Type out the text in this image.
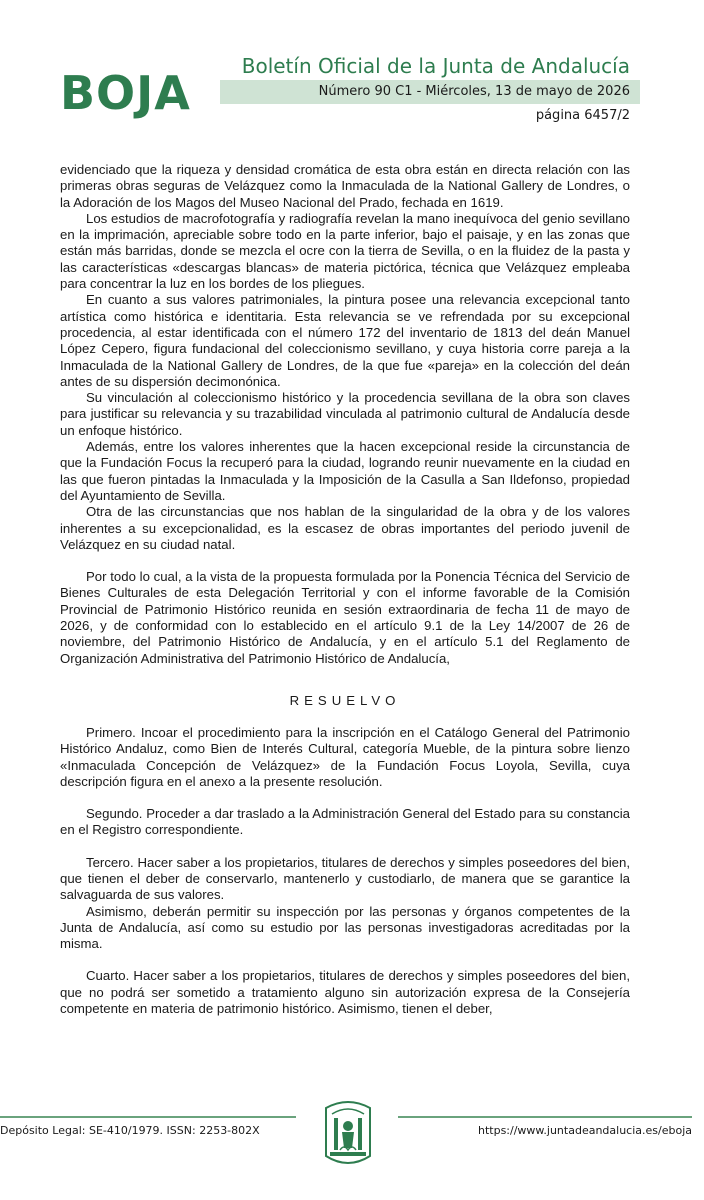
BOJA	Boletín Oficial de la Junta de Andalucía
Número 90 C1 - Miércoles, 13 de mayo de 2026
página 6457/2

evidenciado que la riqueza y densidad cromática de esta obra están en directa relación con las primeras obras seguras de Velázquez como la Inmaculada de la National Gallery de Londres, o la Adoración de los Magos del Museo Nacional del Prado, fechada en 1619.

Los estudios de macrofotografía y radiografía revelan la mano inequívoca del genio sevillano en la imprimación, apreciable sobre todo en la parte inferior, bajo el paisaje, y en las zonas que están más barridas, donde se mezcla el ocre con la tierra de Sevilla, o en la fluidez de la pasta y las características «descargas blancas» de materia pictórica, técnica que Velázquez empleaba para concentrar la luz en los bordes de los pliegues.

En cuanto a sus valores patrimoniales, la pintura posee una relevancia excepcional tanto artística como histórica e identitaria. Esta relevancia se ve refrendada por su excepcional procedencia, al estar identificada con el número 172 del inventario de 1813 del deán Manuel López Cepero, figura fundacional del coleccionismo sevillano, y cuya historia corre pareja a la Inmaculada de la National Gallery de Londres, de la que fue «pareja» en la colección del deán antes de su dispersión decimonónica.

Su vinculación al coleccionismo histórico y la procedencia sevillana de la obra son claves para justificar su relevancia y su trazabilidad vinculada al patrimonio cultural de Andalucía desde un enfoque histórico.

Además, entre los valores inherentes que la hacen excepcional reside la circunstancia de que la Fundación Focus la recuperó para la ciudad, logrando reunir nuevamente en la ciudad en las que fueron pintadas la Inmaculada y la Imposición de la Casulla a San Ildefonso, propiedad del Ayuntamiento de Sevilla.

Otra de las circunstancias que nos hablan de la singularidad de la obra y de los valores inherentes a su excepcionalidad, es la escasez de obras importantes del periodo juvenil de Velázquez en su ciudad natal.

Por todo lo cual, a la vista de la propuesta formulada por la Ponencia Técnica del Servicio de Bienes Culturales de esta Delegación Territorial y con el informe favorable de la Comisión Provincial de Patrimonio Histórico reunida en sesión extraordinaria de fecha 11 de mayo de 2026, y de conformidad con lo establecido en el artículo 9.1 de la Ley 14/2007 de 26 de noviembre, del Patrimonio Histórico de Andalucía, y en el artículo 5.1 del Reglamento de Organización Administrativa del Patrimonio Histórico de Andalucía,

RESUELVO

Primero. Incoar el procedimiento para la inscripción en el Catálogo General del Patrimonio Histórico Andaluz, como Bien de Interés Cultural, categoría Mueble, de la pintura sobre lienzo «Inmaculada Concepción de Velázquez» de la Fundación Focus Loyola, Sevilla, cuya descripción figura en el anexo a la presente resolución.

Segundo. Proceder a dar traslado a la Administración General del Estado para su constancia en el Registro correspondiente.

Tercero. Hacer saber a los propietarios, titulares de derechos y simples poseedores del bien, que tienen el deber de conservarlo, mantenerlo y custodiarlo, de manera que se garantice la salvaguarda de sus valores.

Asimismo, deberán permitir su inspección por las personas y órganos competentes de la Junta de Andalucía, así como su estudio por las personas investigadoras acreditadas por la misma.

Cuarto. Hacer saber a los propietarios, titulares de derechos y simples poseedores del bien, que no podrá ser sometido a tratamiento alguno sin autorización expresa de la Consejería competente en materia de patrimonio histórico. Asimismo, tienen el deber,

Depósito Legal: SE-410/1979. ISSN: 2253-802X	https://www.juntadeandalucia.es/eboja
